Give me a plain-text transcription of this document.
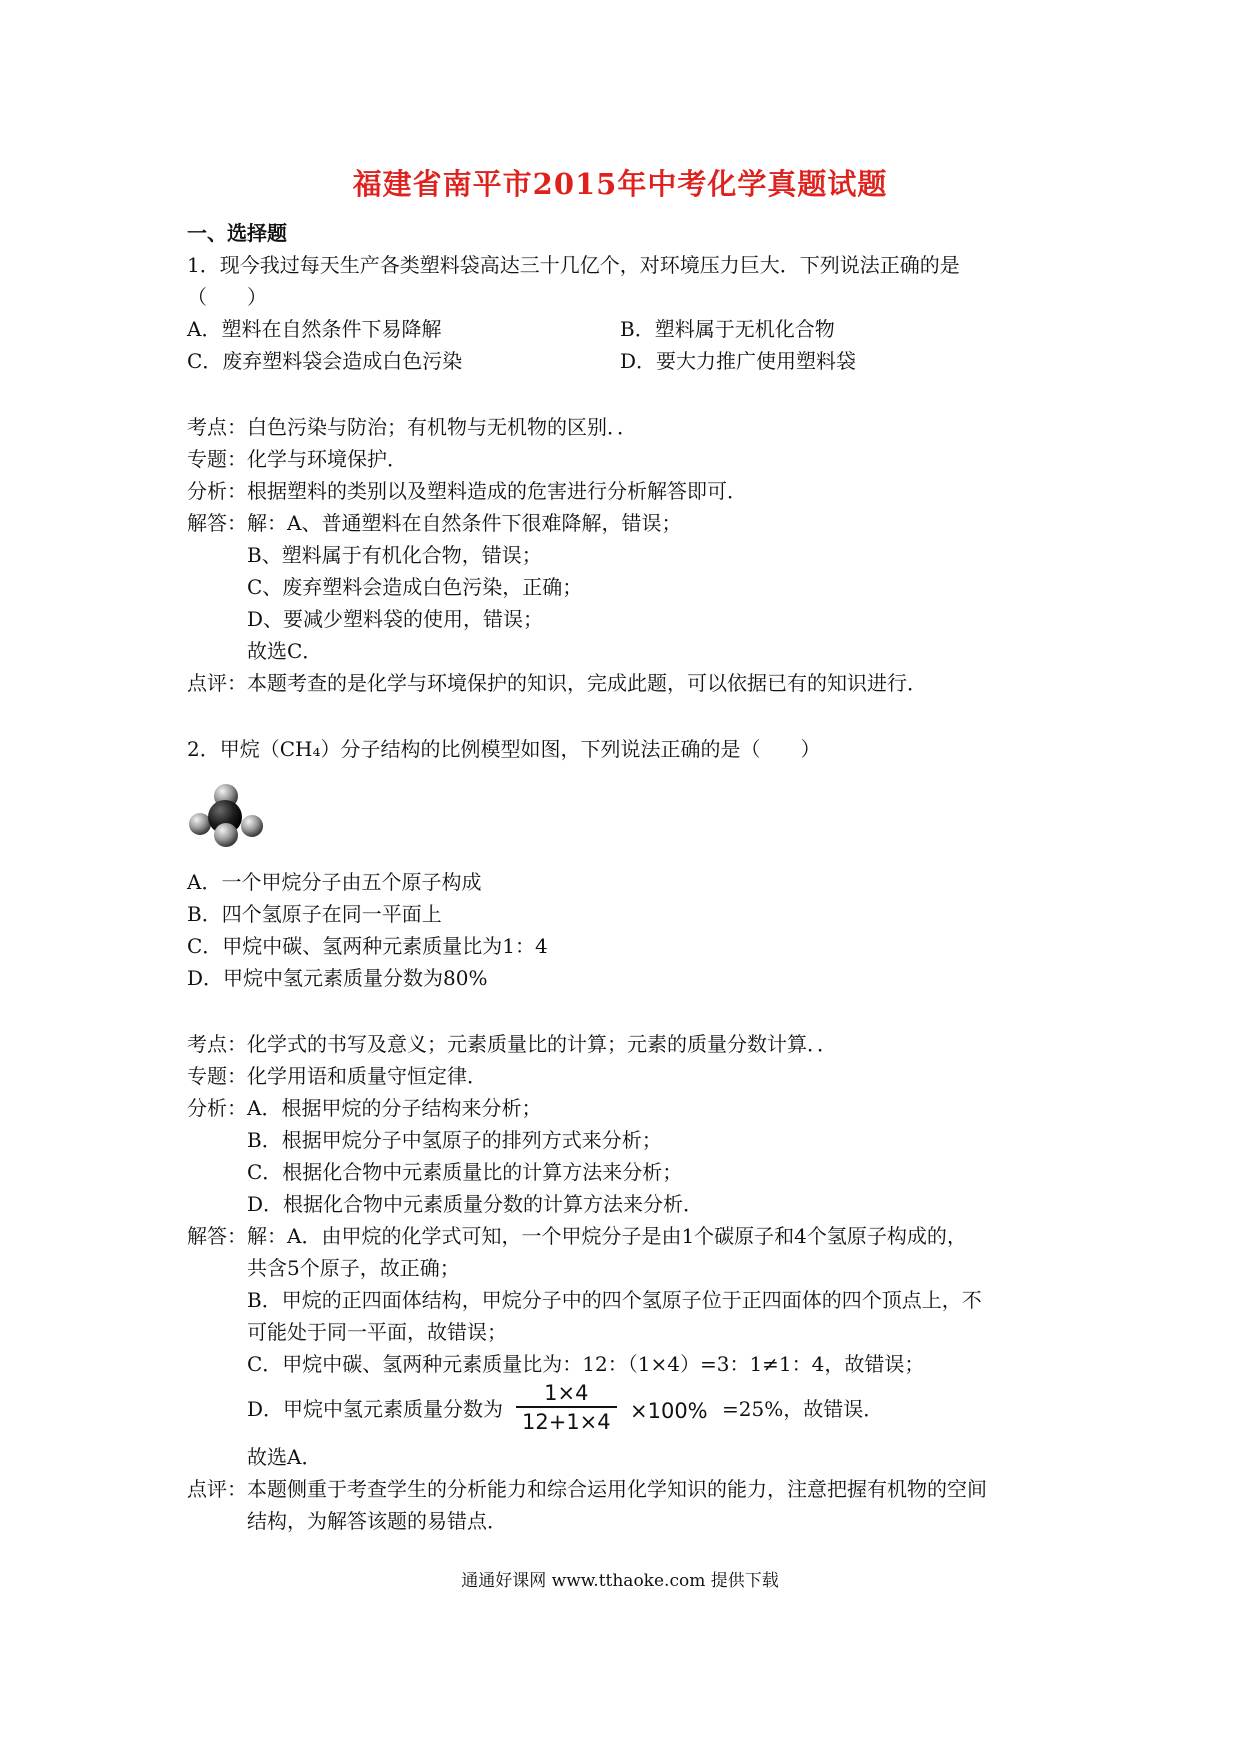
福建省南平市2015年中考化学真题试题
一、选择题
1．现今我过每天生产各类塑料袋高达三十几亿个，对环境压力巨大．下列说法正确的是
（　　）
A．塑料在自然条件下易降解	B．塑料属于无机化合物
C．废弃塑料袋会造成白色污染	D．要大力推广使用塑料袋
考点：白色污染与防治；有机物与无机物的区别．．
专题：化学与环境保护．
分析：根据塑料的类别以及塑料造成的危害进行分析解答即可．
解答：解：A、普通塑料在自然条件下很难降解，错误；
B、塑料属于有机化合物，错误；
C、废弃塑料会造成白色污染，正确；
D、要减少塑料袋的使用，错误；
故选C．
点评：本题考查的是化学与环境保护的知识，完成此题，可以依据已有的知识进行．
2．甲烷（CH₄）分子结构的比例模型如图，下列说法正确的是（　　）
A．一个甲烷分子由五个原子构成
B．四个氢原子在同一平面上
C．甲烷中碳、氢两种元素质量比为1：4
D．甲烷中氢元素质量分数为80%
考点：化学式的书写及意义；元素质量比的计算；元素的质量分数计算．．
专题：化学用语和质量守恒定律．
分析：A．根据甲烷的分子结构来分析；
B．根据甲烷分子中氢原子的排列方式来分析；
C．根据化合物中元素质量比的计算方法来分析；
D．根据化合物中元素质量分数的计算方法来分析．
解答：解：A．由甲烷的化学式可知，一个甲烷分子是由1个碳原子和4个氢原子构成的，
共含5个原子，故正确；
B．甲烷的正四面体结构，甲烷分子中的四个氢原子位于正四面体的四个顶点上，不
可能处于同一平面，故错误；
C．甲烷中碳、氢两种元素质量比为：12：（1×4）=3：1≠1：4，故错误；
D．甲烷中氢元素质量分数为
1×4
12+1×4 ×100% =25%，故错误．
故选A．
点评：本题侧重于考查学生的分析能力和综合运用化学知识的能力，注意把握有机物的空间
结构，为解答该题的易错点．
通通好课网 www.tthaoke.com 提供下载
